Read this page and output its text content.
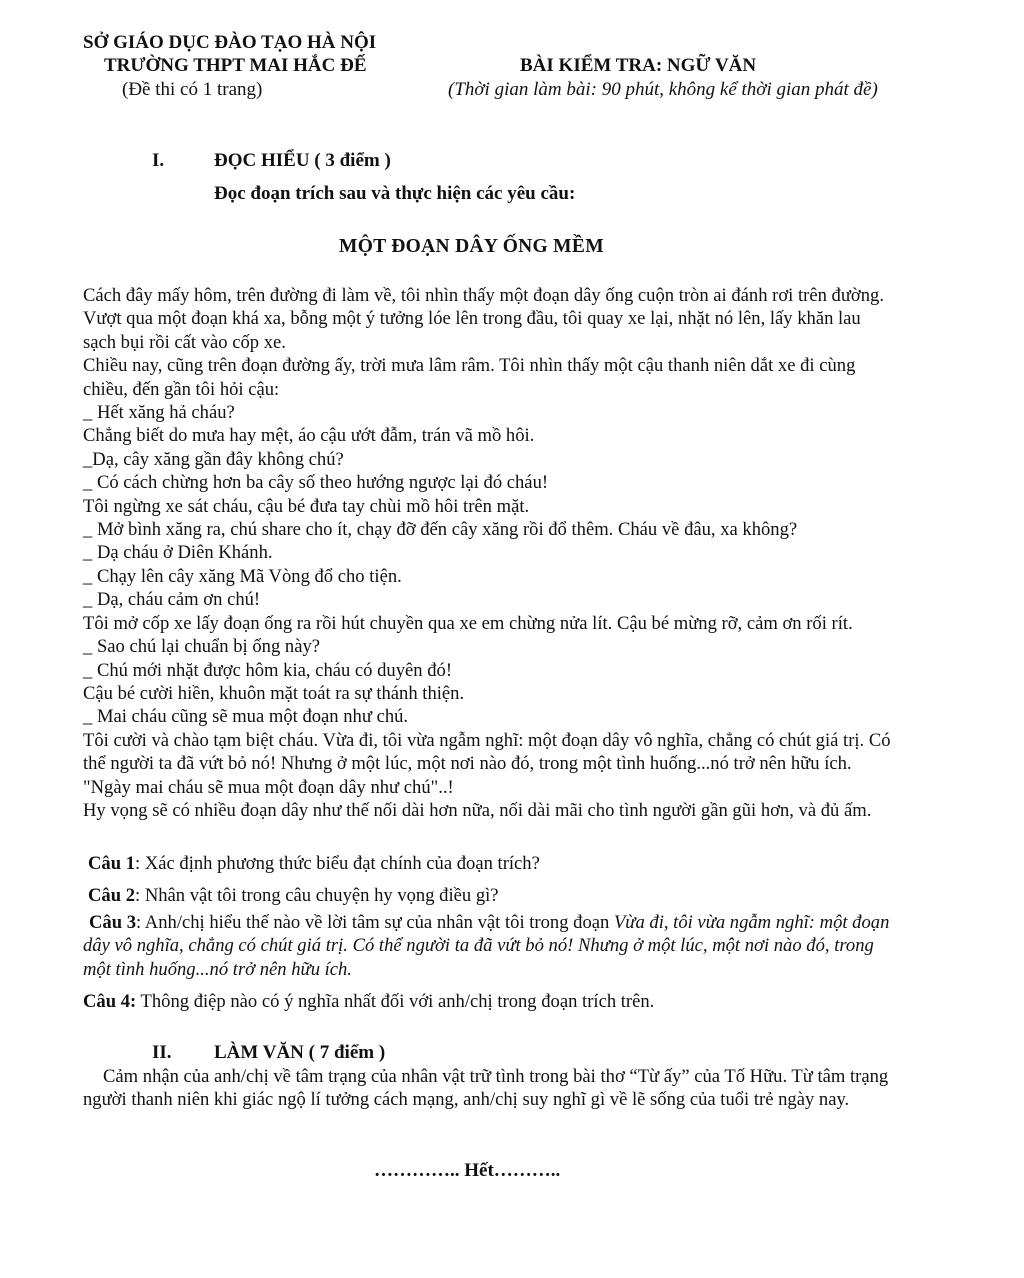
SỞ GIÁO DỤC ĐÀO TẠO HÀ NỘI
TRƯỜNG THPT MAI HẮC ĐẾ
(Đề thi có 1 trang)
BÀI KIỂM TRA: NGỮ VĂN
(Thời gian làm bài: 90 phút, không kể thời gian phát đề)
I.	ĐỌC HIỂU ( 3 điểm )
Đọc đoạn trích sau và thực hiện các yêu cầu:
MỘT ĐOẠN DÂY ỐNG MỀM
Cách đây mấy hôm, trên đường đi làm về, tôi nhìn thấy một đoạn dây ống cuộn tròn ai đánh rơi trên đường.
Vượt qua một đoạn khá xa, bỗng một ý tưởng lóe lên trong đầu, tôi quay xe lại, nhặt nó lên, lấy khăn lau
sạch bụi rồi cất vào cốp xe.
Chiều nay, cũng trên đoạn đường ấy, trời mưa lâm râm. Tôi nhìn thấy một cậu thanh niên dắt xe đi cùng
chiều, đến gần tôi hỏi cậu:
_ Hết xăng hả cháu?
Chẳng biết do mưa hay mệt, áo cậu ướt đẫm, trán vã mồ hôi.
_Dạ, cây xăng gần đây không chú?
_ Có cách chừng hơn ba cây số theo hướng ngược lại đó cháu!
Tôi ngừng xe sát cháu, cậu bé đưa tay chùi mồ hôi trên mặt.
_ Mở bình xăng ra, chú share cho ít, chạy đỡ đến cây xăng rồi đổ thêm. Cháu về đâu, xa không?
_ Dạ cháu ở Diên Khánh.
_ Chạy lên cây xăng Mã Vòng đổ cho tiện.
_ Dạ, cháu cảm ơn chú!
Tôi mở cốp xe lấy đoạn ống ra rồi hút chuyền qua xe em chừng nửa lít. Cậu bé mừng rỡ, cảm ơn rối rít.
_ Sao chú lại chuẩn bị ống này?
_ Chú mới nhặt được hôm kia, cháu có duyên đó!
Cậu bé cười hiền, khuôn mặt toát ra sự thánh thiện.
_ Mai cháu cũng sẽ mua một đoạn như chú.
Tôi cười và chào tạm biệt cháu. Vừa đi, tôi vừa ngẫm nghĩ: một đoạn dây vô nghĩa, chẳng có chút giá trị. Có
thể người ta đã vứt bỏ nó! Nhưng ở một lúc, một nơi nào đó, trong một tình huống...nó trở nên hữu ích.
"Ngày mai cháu sẽ mua một đoạn dây như chú"..!
Hy vọng sẽ có nhiều đoạn dây như thế nối dài hơn nữa, nối dài mãi cho tình người gần gũi hơn, và đủ ấm.
Câu 1: Xác định phương thức biểu đạt chính của đoạn trích?
Câu 2: Nhân vật tôi trong câu chuyện hy vọng điều gì?
Câu 3: Anh/chị hiểu thế nào về lời tâm sự của nhân vật tôi trong đoạn Vừa đi, tôi vừa ngẫm nghĩ: một đoạn
dây vô nghĩa, chẳng có chút giá trị. Có thể người ta đã vứt bỏ nó! Nhưng ở một lúc, một nơi nào đó, trong
một tình huống...nó trở nên hữu ích.
Câu 4: Thông điệp nào có ý nghĩa nhất đối với anh/chị trong đoạn trích trên.
II. LÀM VĂN ( 7 điểm )
Cảm nhận của anh/chị về tâm trạng của nhân vật trữ tình trong bài thơ “Từ ấy” của Tố Hữu. Từ tâm trạng
người thanh niên khi giác ngộ lí tưởng cách mạng, anh/chị suy nghĩ gì về lẽ sống của tuổi trẻ ngày nay.
………….. Hết………..
